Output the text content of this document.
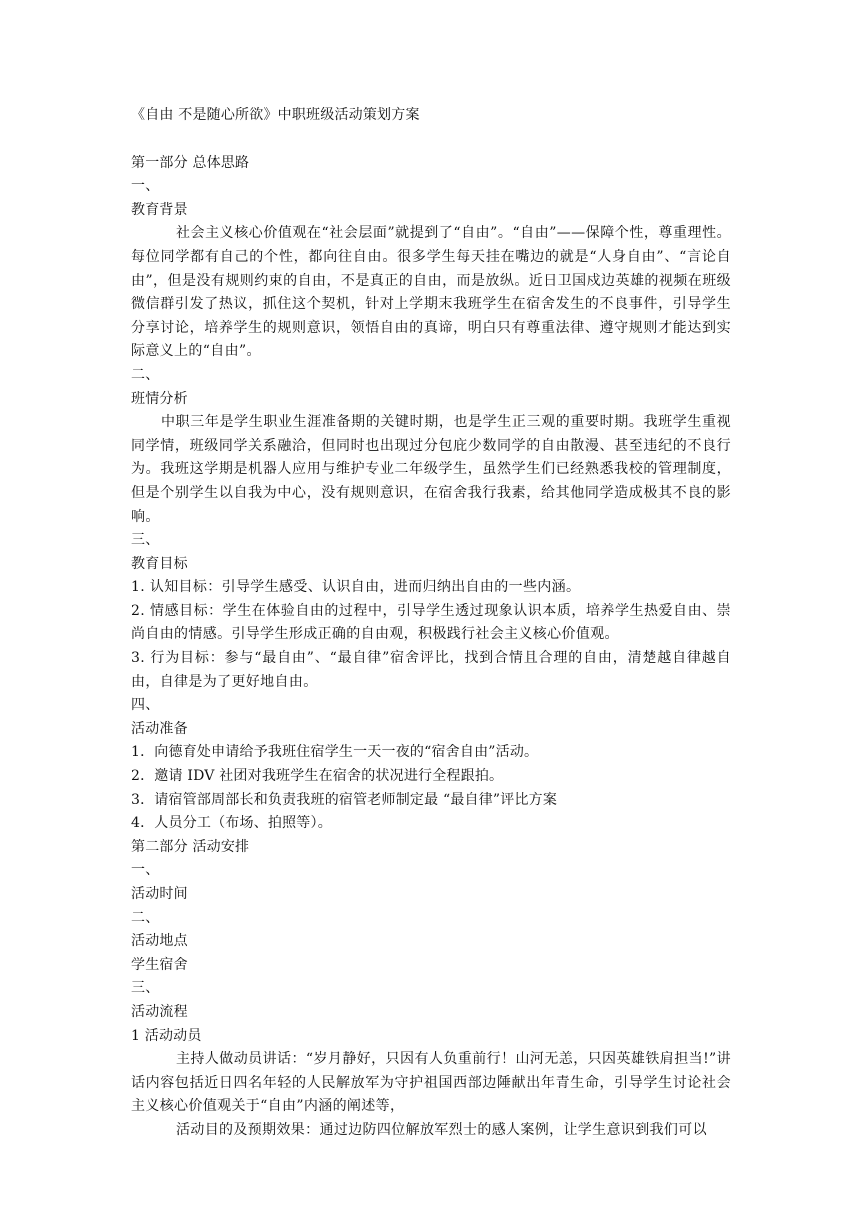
《自由 不是随心所欲》中职班级活动策划方案
第一部分 总体思路
一、
教育背景
社会主义核心价值观在“社会层面”就提到了“自由”。“自由”——保障个性，尊重理性。每位同学都有自己的个性，都向往自由。很多学生每天挂在嘴边的就是“人身自由”、“言论自由”，但是没有规则约束的自由，不是真正的自由，而是放纵。近日卫国戍边英雄的视频在班级微信群引发了热议，抓住这个契机，针对上学期末我班学生在宿舍发生的不良事件，引导学生分享讨论，培养学生的规则意识，领悟自由的真谛，明白只有尊重法律、遵守规则才能达到实际意义上的“自由”。
二、
班情分析
中职三年是学生职业生涯准备期的关键时期，也是学生正三观的重要时期。我班学生重视同学情，班级同学关系融洽，但同时也出现过分包庇少数同学的自由散漫、甚至违纪的不良行为。我班这学期是机器人应用与维护专业二年级学生，虽然学生们已经熟悉我校的管理制度，但是个别学生以自我为中心，没有规则意识，在宿舍我行我素，给其他同学造成极其不良的影响。
三、
教育目标
1. 认知目标：引导学生感受、认识自由，进而归纳出自由的一些内涵。
2. 情感目标：学生在体验自由的过程中，引导学生透过现象认识本质，培养学生热爱自由、崇尚自由的情感。引导学生形成正确的自由观，积极践行社会主义核心价值观。
3. 行为目标：参与“最自由”、“最自律”宿舍评比，找到合情且合理的自由，清楚越自律越自由，自律是为了更好地自由。
四、
活动准备
1．向德育处申请给予我班住宿学生一天一夜的“宿舍自由”活动。
2．邀请 IDV 社团对我班学生在宿舍的状况进行全程跟拍。
3．请宿管部周部长和负责我班的宿管老师制定最 “最自律”评比方案
4．人员分工（布场、拍照等）。
第二部分 活动安排
一、
活动时间
二、
活动地点
学生宿舍
三、
活动流程
1 活动动员
主持人做动员讲话：“岁月静好，只因有人负重前行！山河无恙，只因英雄铁肩担当!”讲话内容包括近日四名年轻的人民解放军为守护祖国西部边陲献出年青生命，引导学生讨论社会主义核心价值观关于“自由”内涵的阐述等，
活动目的及预期效果：通过边防四位解放军烈士的感人案例，让学生意识到我们可以
